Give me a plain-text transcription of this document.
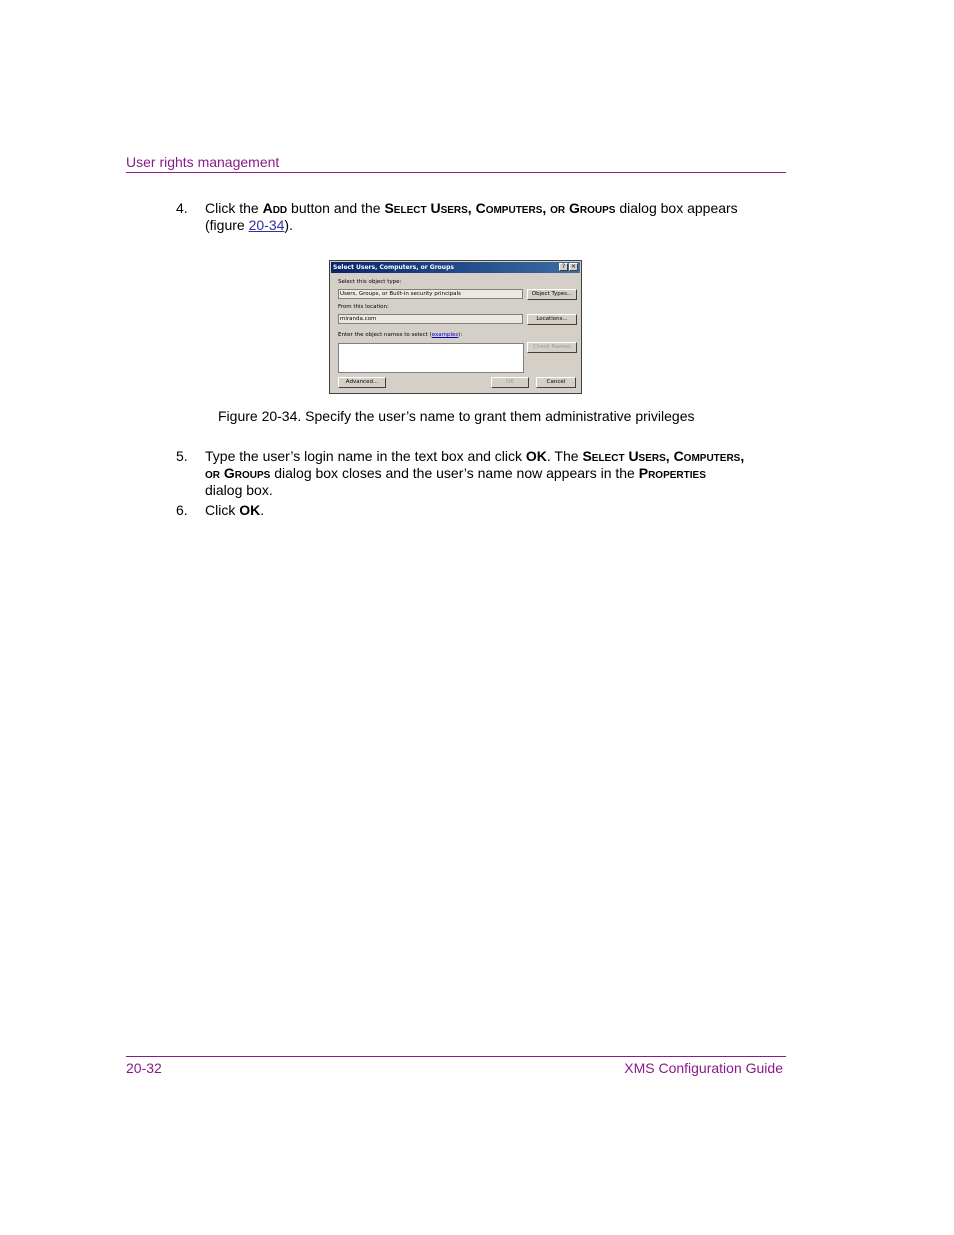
User rights management
4.	Click the Add button and the Select Users, Computers, or Groups dialog box appears (figure 20-34).
Select Users, Computers, or Groups	? ×
Select this object type:
Users, Groups, or Built-in security principals	Object Types...
From this location:
miranda.com	Locations...
Enter the object names to select (examples):
Check Names
Advanced...	OK	Cancel
Figure 20-34. Specify the user’s name to grant them administrative privileges
5.	Type the user’s login name in the text box and click OK. The Select Users, Computers, or Groups dialog box closes and the user’s name now appears in the Properties dialog box.
6.	Click OK.
20-32	XMS Configuration Guide
